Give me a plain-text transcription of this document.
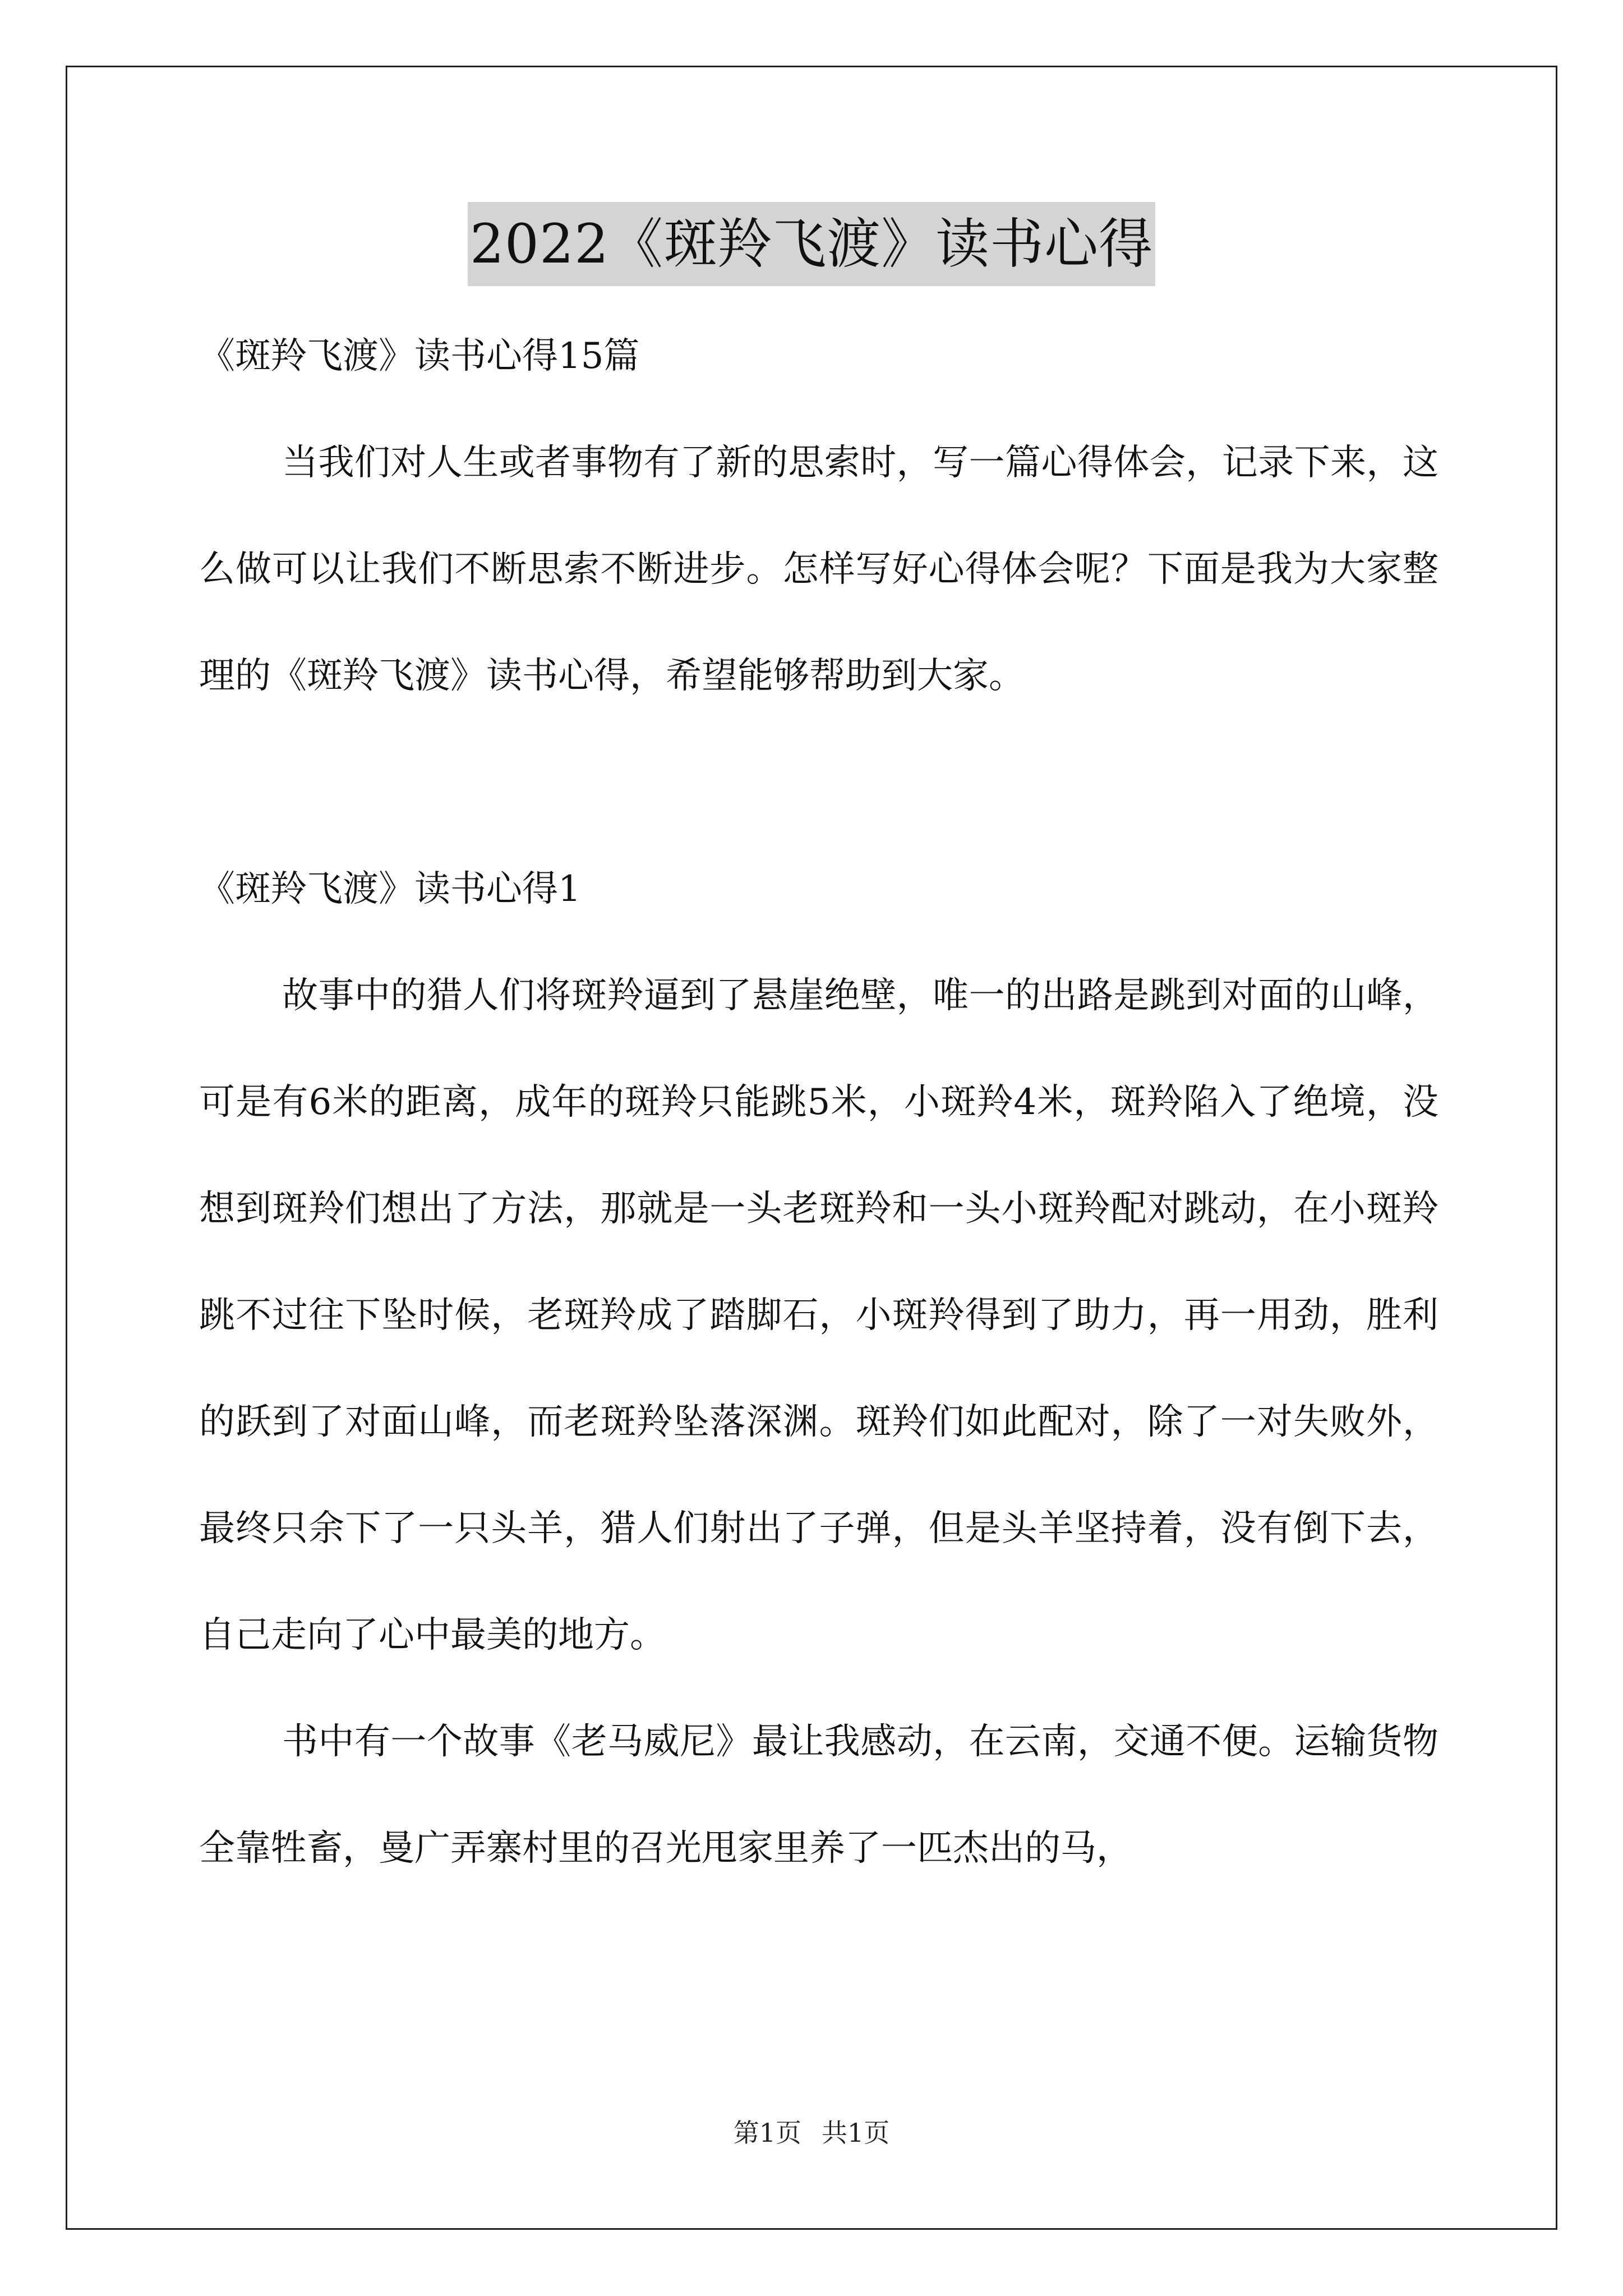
2022《斑羚飞渡》读书心得

《斑羚飞渡》读书心得15篇

当我们对人生或者事物有了新的思索时，写一篇心得体会，记录下来，这么做可以让我们不断思索不断进步。怎样写好心得体会呢？下面是我为大家整理的《斑羚飞渡》读书心得，希望能够帮助到大家。

《斑羚飞渡》读书心得1

故事中的猎人们将斑羚逼到了悬崖绝壁，唯一的出路是跳到对面的山峰，可是有6米的距离，成年的斑羚只能跳5米，小斑羚4米，斑羚陷入了绝境，没想到斑羚们想出了方法，那就是一头老斑羚和一头小斑羚配对跳动，在小斑羚跳不过往下坠时候，老斑羚成了踏脚石，小斑羚得到了助力，再一用劲，胜利的跃到了对面山峰，而老斑羚坠落深渊。斑羚们如此配对，除了一对失败外，最终只余下了一只头羊，猎人们射出了子弹，但是头羊坚持着，没有倒下去，自己走向了心中最美的地方。

书中有一个故事《老马威尼》最让我感动，在云南，交通不便。运输货物全靠牲畜，曼广弄寨村里的召光甩家里养了一匹杰出的马，

第1页 共1页
